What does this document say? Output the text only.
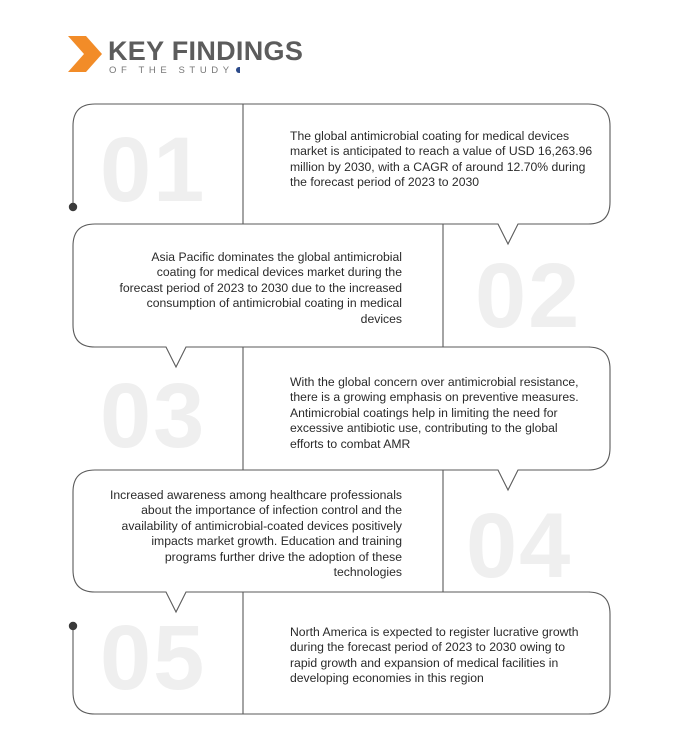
KEY FINDINGS
OF THE STUDY
01	The global antimicrobial coating for medical devices market is anticipated to reach a value of USD 16,263.96 million by 2030, with a CAGR of around 12.70% during the forecast period of 2023 to 2030
02
Asia Pacific dominates the global antimicrobial coating for medical devices market during the forecast period of 2023 to 2030 due to the increased consumption of antimicrobial coating in medical devices
03	With the global concern over antimicrobial resistance, there is a growing emphasis on preventive measures. Antimicrobial coatings help in limiting the need for excessive antibiotic use, contributing to the global efforts to combat AMR
04
Increased awareness among healthcare professionals about the importance of infection control and the availability of antimicrobial-coated devices positively impacts market growth. Education and training programs further drive the adoption of these technologies
05	North America is expected to register lucrative growth during the forecast period of 2023 to 2030 owing to rapid growth and expansion of medical facilities in developing economies in this region
